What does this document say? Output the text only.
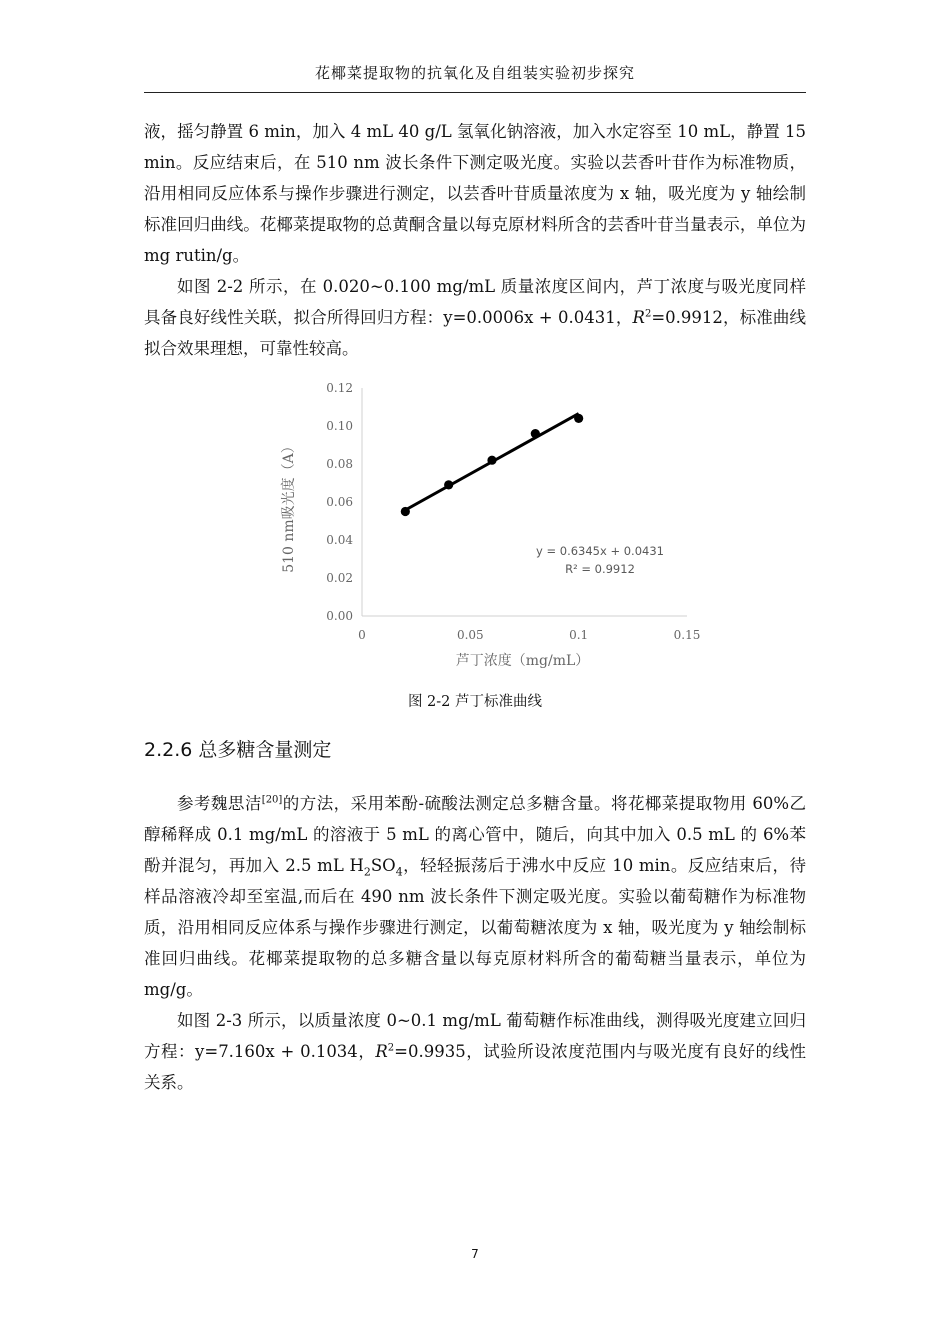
花椰菜提取物的抗氧化及自组装实验初步探究

液，摇匀静置 6 min，加入 4 mL 40 g/L 氢氧化钠溶液，加入水定容至 10 mL，静置 15 min。反应结束后，在 510 nm 波长条件下测定吸光度。实验以芸香叶苷作为标准物质，沿用相同反应体系与操作步骤进行测定，以芸香叶苷质量浓度为 x 轴，吸光度为 y 轴绘制标准回归曲线。花椰菜提取物的总黄酮含量以每克原材料所含的芸香叶苷当量表示，单位为 mg rutin/g。

如图 2-2 所示，在 0.020~0.100 mg/mL 质量浓度区间内，芦丁浓度与吸光度同样具备良好线性关联，拟合所得回归方程：y=0.0006x + 0.0431，$R^2=0.9912$，标准曲线拟合效果理想，可靠性较高。

0.00
0.02
0.04
0.06
0.08
0.10
0.12
0	0.05	0.1	0.15
y = 0.6345x + 0.0431
R² = 0.9912
芦丁浓度（mg/mL）
510 nm吸光度（A）
图 2-2 芦丁标准曲线
2.2.6 总多糖含量测定

参考魏思洁[20]的方法，采用苯酚-硫酸法测定总多糖含量。将花椰菜提取物用 60%乙醇稀释成 0.1 mg/mL 的溶液于 5 mL 的离心管中，随后，向其中加入 0.5 mL 的 6%苯酚并混匀，再加入 2.5 mL $H_2SO_4$，轻轻振荡后于沸水中反应 10 min。反应结束后，待样品溶液冷却至室温,而后在 490 nm 波长条件下测定吸光度。实验以葡萄糖作为标准物质，沿用相同反应体系与操作步骤进行测定，以葡萄糖浓度为 x 轴，吸光度为 y 轴绘制标准回归曲线。花椰菜提取物的总多糖含量以每克原材料所含的葡萄糖当量表示，单位为 mg/g。

如图 2-3 所示，以质量浓度 0~0.1 mg/mL 葡萄糖作标准曲线，测得吸光度建立回归方程：y=7.160x + 0.1034，$R^2=0.9935$，试验所设浓度范围内与吸光度有良好的线性关系。

7
